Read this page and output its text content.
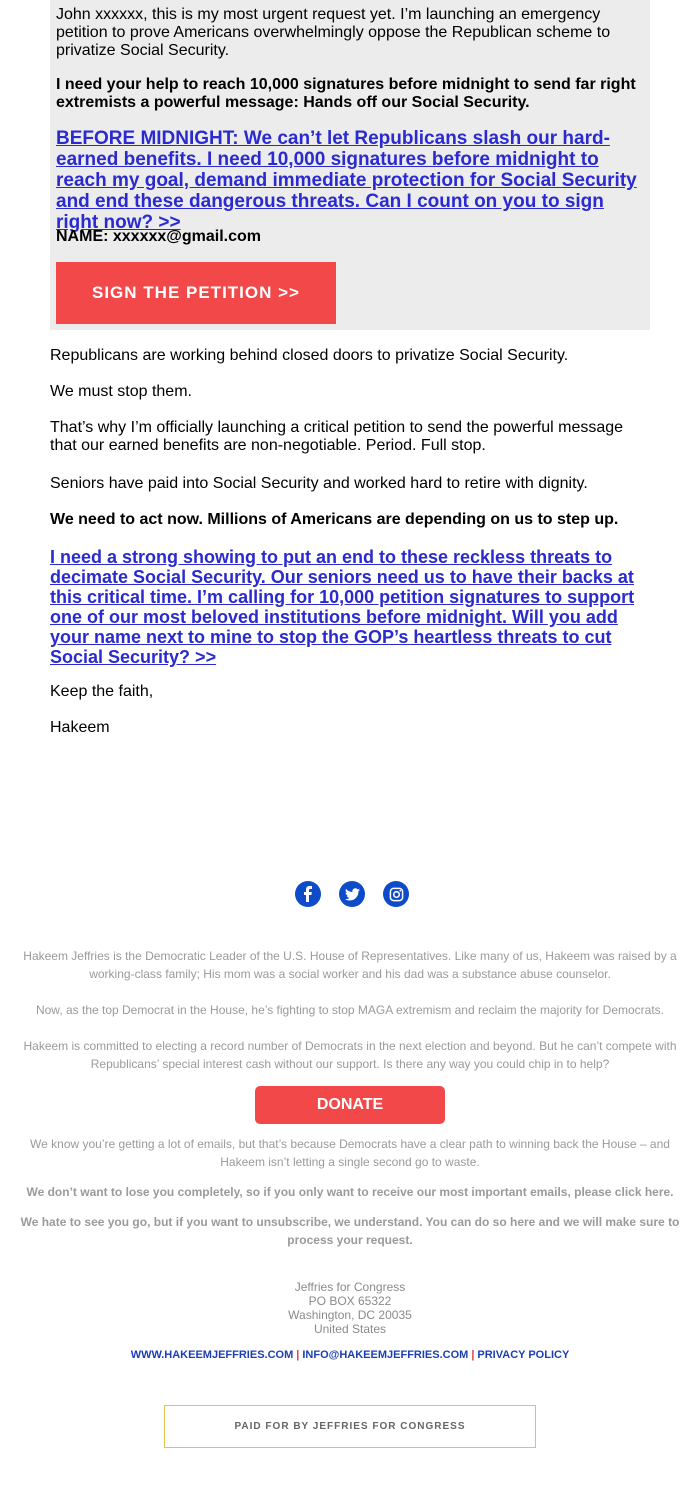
John xxxxxx, this is my most urgent request yet. I’m launching an emergency petition to prove Americans overwhelmingly oppose the Republican scheme to privatize Social Security.

I need your help to reach 10,000 signatures before midnight to send far right extremists a powerful message: Hands off our Social Security.

BEFORE MIDNIGHT: We can’t let Republicans slash our hard-earned benefits. I need 10,000 signatures before midnight to reach my goal, demand immediate protection for Social Security and end these dangerous threats. Can I count on you to sign right now? >>

NAME: xxxxxx@gmail.com

SIGN THE PETITION >>

Republicans are working behind closed doors to privatize Social Security.

We must stop them.

That’s why I’m officially launching a critical petition to send the powerful message that our earned benefits are non-negotiable. Period. Full stop.

Seniors have paid into Social Security and worked hard to retire with dignity.

We need to act now. Millions of Americans are depending on us to step up.

I need a strong showing to put an end to these reckless threats to decimate Social Security. Our seniors need us to have their backs at this critical time. I’m calling for 10,000 petition signatures to support one of our most beloved institutions before midnight. Will you add your name next to mine to stop the GOP’s heartless threats to cut Social Security? >>

Keep the faith,

Hakeem

Hakeem Jeffries is the Democratic Leader of the U.S. House of Representatives. Like many of us, Hakeem was raised by a working-class family; His mom was a social worker and his dad was a substance abuse counselor.

Now, as the top Democrat in the House, he’s fighting to stop MAGA extremism and reclaim the majority for Democrats.

Hakeem is committed to electing a record number of Democrats in the next election and beyond. But he can’t compete with Republicans’ special interest cash without our support. Is there any way you could chip in to help?

DONATE

We know you’re getting a lot of emails, but that’s because Democrats have a clear path to winning back the House – and Hakeem isn’t letting a single second go to waste.

We don’t want to lose you completely, so if you only want to receive our most important emails, please click here.

We hate to see you go, but if you want to unsubscribe, we understand. You can do so here and we will make sure to process your request.

Jeffries for Congress
PO BOX 65322
Washington, DC 20035
United States
WWW.HAKEEMJEFFRIES.COM | INFO@HAKEEMJEFFRIES.COM | PRIVACY POLICY
PAID FOR BY JEFFRIES FOR CONGRESS
